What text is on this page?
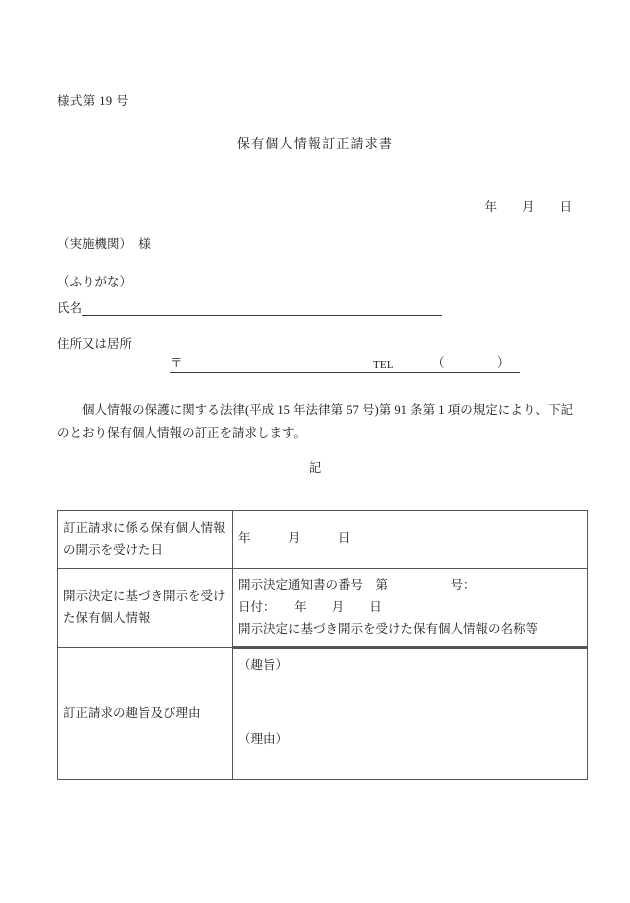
様式第 19 号
保有個人情報訂正請求書
年　　月　　日
（実施機関）　様
（ふりがな）
氏名
住所又は居所
〒	TEL	（	）
個人情報の保護に関する法律(平成 15 年法律第 57 号)第 91 条第 1 項の規定により、下記のとおり保有個人情報の訂正を請求します。
記
訂正請求に係る保有個人情報の開示を受けた日	年　　　月　　　日
開示決定に基づき開示を受けた保有個人情報	開示決定通知書の番号　第　　　　　号：
日付：　　年　　月　　日
開示決定に基づき開示を受けた保有個人情報の名称等

訂正請求の趣旨及び理由	（趣旨）
（理由）
